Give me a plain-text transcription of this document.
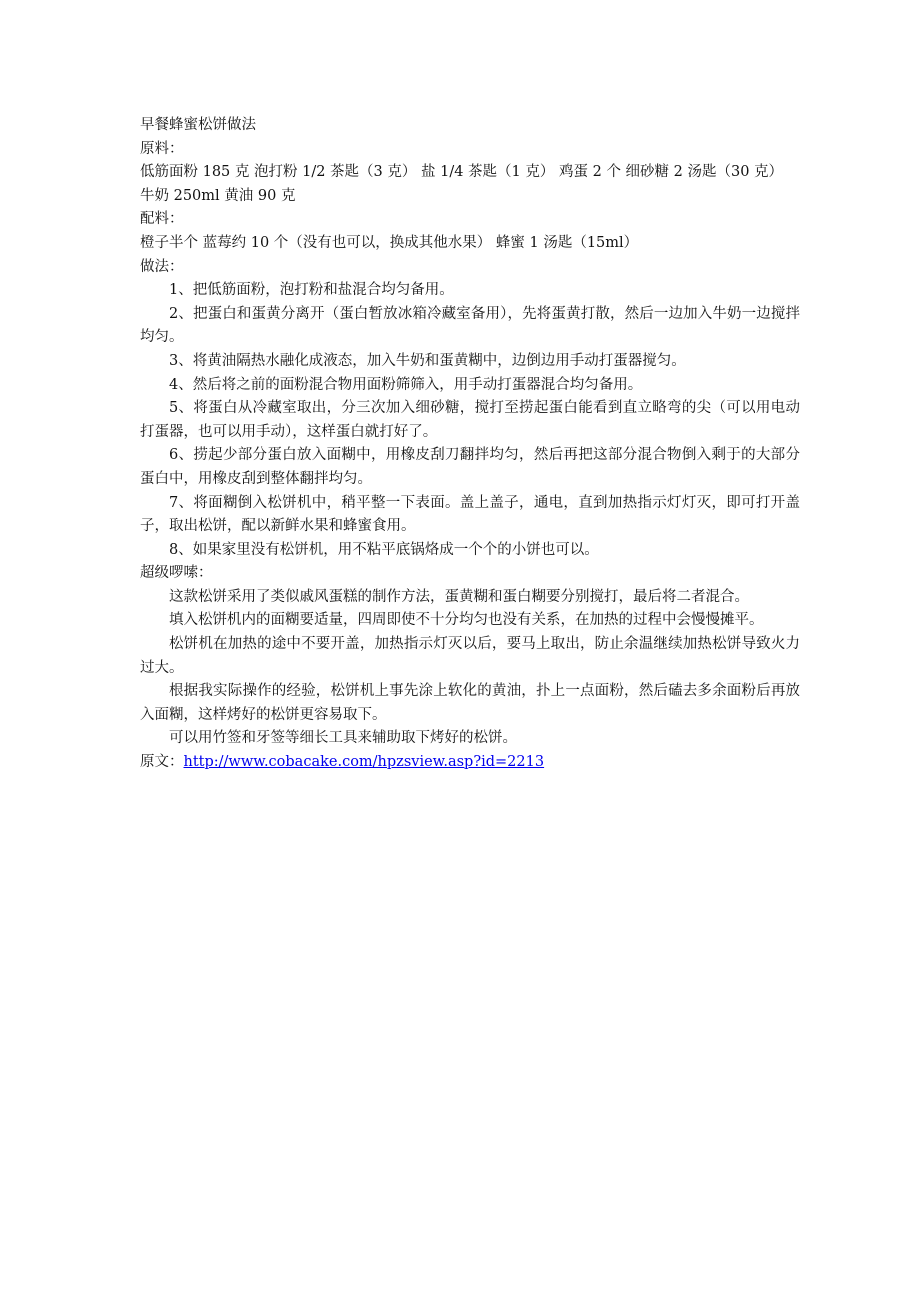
早餐蜂蜜松饼做法

原料：

低筋面粉 185 克 泡打粉 1/2 茶匙（3 克） 盐 1/4 茶匙（1 克） 鸡蛋 2 个 细砂糖 2 汤匙（30 克） 牛奶 250ml 黄油 90 克

配料：

橙子半个 蓝莓约 10 个（没有也可以，换成其他水果） 蜂蜜 1 汤匙（15ml）

做法：

1、把低筋面粉，泡打粉和盐混合均匀备用。

2、把蛋白和蛋黄分离开（蛋白暂放冰箱冷藏室备用），先将蛋黄打散，然后一边加入牛奶一边搅拌均匀。

3、将黄油隔热水融化成液态，加入牛奶和蛋黄糊中，边倒边用手动打蛋器搅匀。

4、然后将之前的面粉混合物用面粉筛筛入，用手动打蛋器混合均匀备用。

5、将蛋白从冷藏室取出，分三次加入细砂糖，搅打至捞起蛋白能看到直立略弯的尖（可以用电动打蛋器，也可以用手动），这样蛋白就打好了。

6、捞起少部分蛋白放入面糊中，用橡皮刮刀翻拌均匀，然后再把这部分混合物倒入剩于的大部分蛋白中，用橡皮刮到整体翻拌均匀。

7、将面糊倒入松饼机中，稍平整一下表面。盖上盖子，通电，直到加热指示灯灯灭，即可打开盖子，取出松饼，配以新鲜水果和蜂蜜食用。

8、如果家里没有松饼机，用不粘平底锅烙成一个个的小饼也可以。

超级啰嗦：

这款松饼采用了类似戚风蛋糕的制作方法，蛋黄糊和蛋白糊要分别搅打，最后将二者混合。

填入松饼机内的面糊要适量，四周即使不十分均匀也没有关系，在加热的过程中会慢慢摊平。

松饼机在加热的途中不要开盖，加热指示灯灭以后，要马上取出，防止余温继续加热松饼导致火力过大。

根据我实际操作的经验，松饼机上事先涂上软化的黄油，扑上一点面粉，然后磕去多余面粉后再放入面糊，这样烤好的松饼更容易取下。

可以用竹签和牙签等细长工具来辅助取下烤好的松饼。

原文：http://www.cobacake.com/hpzsview.asp?id=2213
